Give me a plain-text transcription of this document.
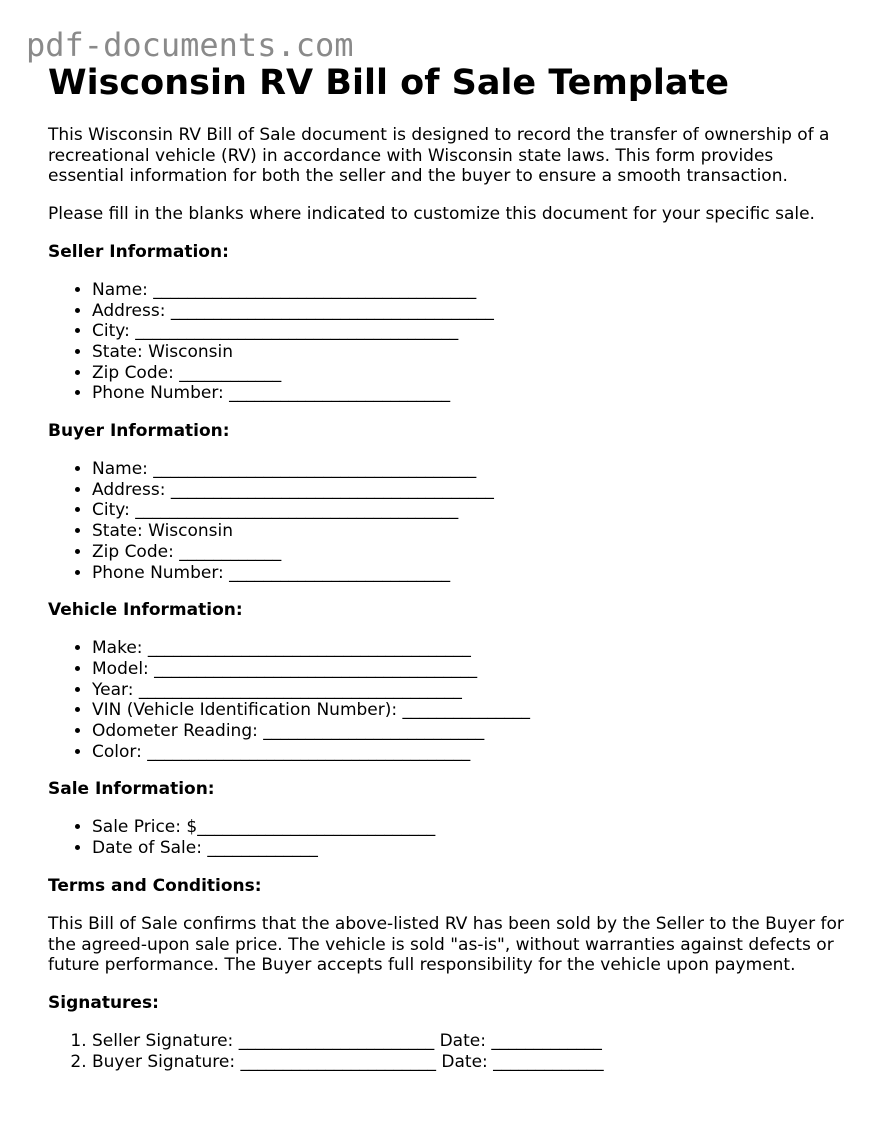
pdf-documents.com
Wisconsin RV Bill of Sale Template

This Wisconsin RV Bill of Sale document is designed to record the transfer of ownership of a recreational vehicle (RV) in accordance with Wisconsin state laws. This form provides essential information for both the seller and the buyer to ensure a smooth transaction.

Please fill in the blanks where indicated to customize this document for your specific sale.

Seller Information:
• Name: ______________________________________
• Address: ______________________________________
• City: ______________________________________
• State: Wisconsin
• Zip Code: ____________
• Phone Number: __________________________
Buyer Information:
• Name: ______________________________________
• Address: ______________________________________
• City: ______________________________________
• State: Wisconsin
• Zip Code: ____________
• Phone Number: __________________________
Vehicle Information:
• Make: ______________________________________
• Model: ______________________________________
• Year: ______________________________________
• VIN (Vehicle Identification Number): _______________
• Odometer Reading: __________________________
• Color: ______________________________________
Sale Information:
• Sale Price: $____________________________
• Date of Sale: _____________
Terms and Conditions:

This Bill of Sale confirms that the above-listed RV has been sold by the Seller to the Buyer for the agreed-upon sale price. The vehicle is sold "as-is", without warranties against defects or future performance. The Buyer accepts full responsibility for the vehicle upon payment.

Signatures:
1. Seller Signature: _______________________ Date: _____________
2. Buyer Signature: _______________________ Date: _____________
